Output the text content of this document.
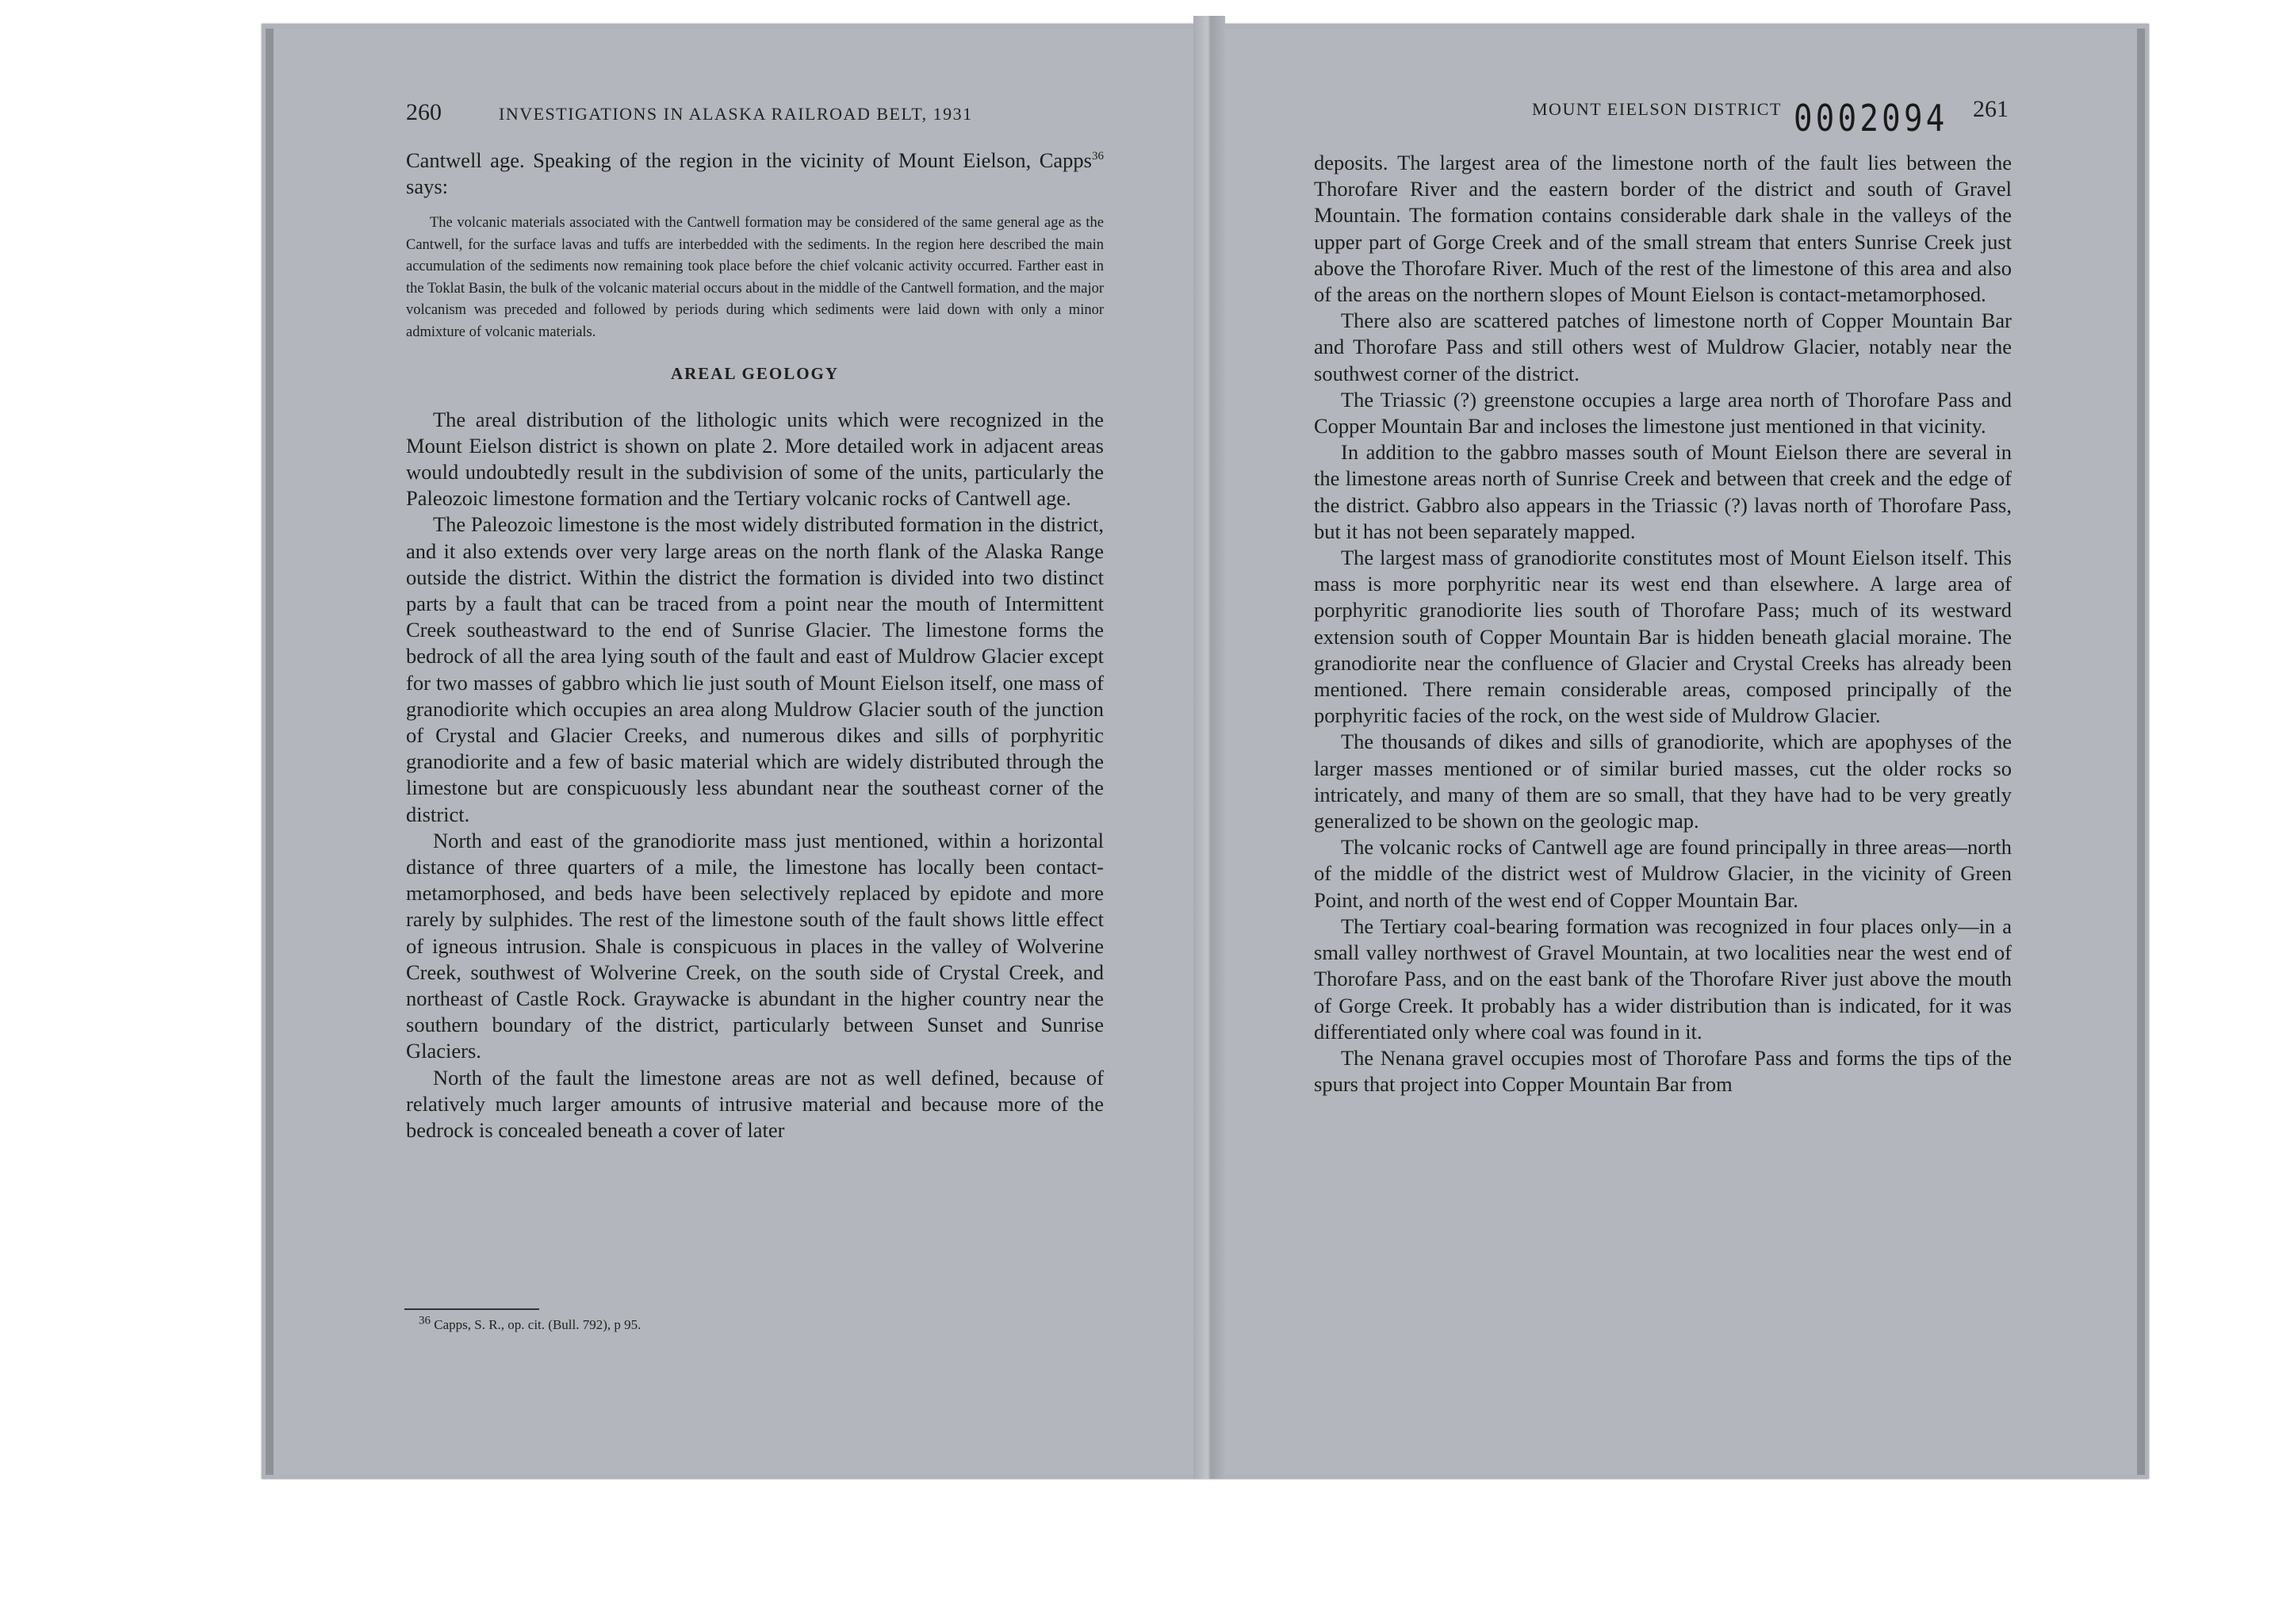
260	INVESTIGATIONS IN ALASKA RAILROAD BELT, 1931	MOUNT EIELSON DISTRICT 0002094 261

Cantwell age. Speaking of the region in the vicinity of Mount Eielson, Capps$^{36}$ says:

The volcanic materials associated with the Cantwell formation may be considered of the same general age as the Cantwell, for the surface lavas and tuffs are interbedded with the sediments. In the region here described the main accumulation of the sediments now remaining took place before the chief volcanic activity occurred. Farther east in the Toklat Basin, the bulk of the volcanic material occurs about in the middle of the Cantwell formation, and the major volcanism was preceded and followed by periods during which sediments were laid down with only a minor admixture of volcanic materials.

AREAL GEOLOGY

The areal distribution of the lithologic units which were recognized in the Mount Eielson district is shown on plate 2. More detailed work in adjacent areas would undoubtedly result in the subdivision of some of the units, particularly the Paleozoic limestone formation and the Tertiary volcanic rocks of Cantwell age.

The Paleozoic limestone is the most widely distributed formation in the district, and it also extends over very large areas on the north flank of the Alaska Range outside the district. Within the district the formation is divided into two distinct parts by a fault that can be traced from a point near the mouth of Intermittent Creek southeastward to the end of Sunrise Glacier. The limestone forms the bedrock of all the area lying south of the fault and east of Muldrow Glacier except for two masses of gabbro which lie just south of Mount Eielson itself, one mass of granodiorite which occupies an area along Muldrow Glacier south of the junction of Crystal and Glacier Creeks, and numerous dikes and sills of porphyritic granodiorite and a few of basic material which are widely distributed through the limestone but are conspicuously less abundant near the southeast corner of the district.

North and east of the granodiorite mass just mentioned, within a horizontal distance of three quarters of a mile, the limestone has locally been contact-metamorphosed, and beds have been selectively replaced by epidote and more rarely by sulphides. The rest of the limestone south of the fault shows little effect of igneous intrusion. Shale is conspicuous in places in the valley of Wolverine Creek, southwest of Wolverine Creek, on the south side of Crystal Creek, and northeast of Castle Rock. Graywacke is abundant in the higher country near the southern boundary of the district, particularly between Sunset and Sunrise Glaciers.

North of the fault the limestone areas are not as well defined, because of relatively much larger amounts of intrusive material and because more of the bedrock is concealed beneath a cover of later

$^{36}$ Capps, S. R., op. cit. (Bull. 792), p 95.

deposits. The largest area of the limestone north of the fault lies between the Thorofare River and the eastern border of the district and south of Gravel Mountain. The formation contains considerable dark shale in the valleys of the upper part of Gorge Creek and of the small stream that enters Sunrise Creek just above the Thorofare River. Much of the rest of the limestone of this area and also of the areas on the northern slopes of Mount Eielson is contact-metamorphosed.

There also are scattered patches of limestone north of Copper Mountain Bar and Thorofare Pass and still others west of Muldrow Glacier, notably near the southwest corner of the district.

The Triassic (?) greenstone occupies a large area north of Thorofare Pass and Copper Mountain Bar and incloses the limestone just mentioned in that vicinity.

In addition to the gabbro masses south of Mount Eielson there are several in the limestone areas north of Sunrise Creek and between that creek and the edge of the district. Gabbro also appears in the Triassic (?) lavas north of Thorofare Pass, but it has not been separately mapped.

The largest mass of granodiorite constitutes most of Mount Eielson itself. This mass is more porphyritic near its west end than elsewhere. A large area of porphyritic granodiorite lies south of Thorofare Pass; much of its westward extension south of Copper Mountain Bar is hidden beneath glacial moraine. The granodiorite near the confluence of Glacier and Crystal Creeks has already been mentioned. There remain considerable areas, composed principally of the porphyritic facies of the rock, on the west side of Muldrow Glacier.

The thousands of dikes and sills of granodiorite, which are apophyses of the larger masses mentioned or of similar buried masses, cut the older rocks so intricately, and many of them are so small, that they have had to be very greatly generalized to be shown on the geologic map.

The volcanic rocks of Cantwell age are found principally in three areas—north of the middle of the district west of Muldrow Glacier, in the vicinity of Green Point, and north of the west end of Copper Mountain Bar.

The Tertiary coal-bearing formation was recognized in four places only—in a small valley northwest of Gravel Mountain, at two localities near the west end of Thorofare Pass, and on the east bank of the Thorofare River just above the mouth of Gorge Creek. It probably has a wider distribution than is indicated, for it was differentiated only where coal was found in it.

The Nenana gravel occupies most of Thorofare Pass and forms the tips of the spurs that project into Copper Mountain Bar from
